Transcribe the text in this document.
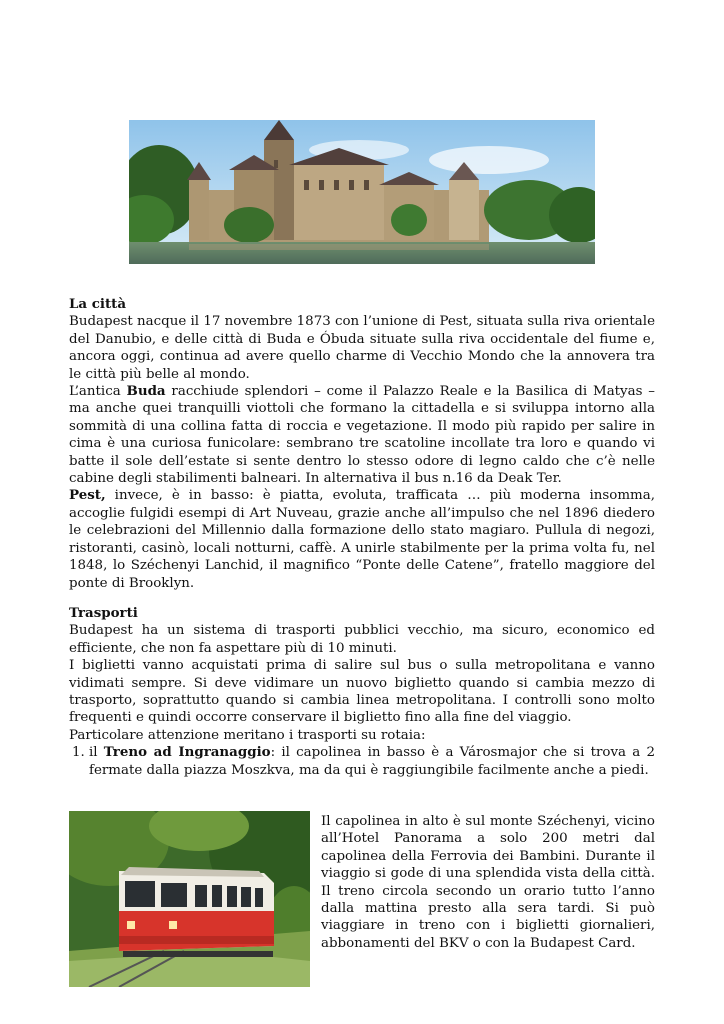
La città

Budapest nacque il 17 novembre 1873 con l’unione di Pest, situata sulla riva orientale del Danubio, e delle città di Buda e Óbuda situate sulla riva occidentale del fiume e, ancora oggi, continua ad avere quello charme di Vecchio Mondo che la annovera tra le città più belle al mondo.

L’antica Buda racchiude splendori – come il Palazzo Reale e la Basilica di Matyas – ma anche quei tranquilli viottoli che formano la cittadella e si sviluppa intorno alla sommità di una collina fatta di roccia e vegetazione. Il modo più rapido per salire in cima è una curiosa funicolare: sembrano tre scatoline incollate tra loro e quando vi batte il sole dell’estate si sente dentro lo stesso odore di legno caldo che c’è nelle cabine degli stabilimenti balneari. In alternativa il bus n.16 da Deak Ter.

Pest, invece, è in basso: è piatta, evoluta, trafficata … più moderna insomma, accoglie fulgidi esempi di Art Nuveau, grazie anche all’impulso che nel 1896 diedero le celebrazioni del Millennio dalla formazione dello stato magiaro. Pullula di negozi, ristoranti, casinò, locali notturni, caffè. A unirle stabilmente per la prima volta fu, nel 1848, lo Széchenyi Lanchid, il magnifico “Ponte delle Catene”, fratello maggiore del ponte di Brooklyn.

Trasporti

Budapest ha un sistema di trasporti pubblici vecchio, ma sicuro, economico ed efficiente, che non fa aspettare più di 10 minuti.

I biglietti vanno acquistati prima di salire sul bus o sulla metropolitana e vanno vidimati sempre. Si deve vidimare un nuovo biglietto quando si cambia mezzo di trasporto, soprattutto quando si cambia linea metropolitana. I controlli sono molto frequenti e quindi occorre conservare il biglietto fino alla fine del viaggio.

Particolare attenzione meritano i trasporti su rotaia:

1. il Treno ad Ingranaggio: il capolinea in basso è a Városmajor che si trova a 2 fermate dalla piazza Moszkva, ma da qui è raggiungibile facilmente anche a piedi.

Il capolinea in alto è sul monte Széchenyi, vicino all’Hotel Panorama a solo 200 metri dal capolinea della Ferrovia dei Bambini. Durante il viaggio si gode di una splendida vista della città. Il treno circola secondo un orario tutto l’anno dalla mattina presto alla sera tardi. Si può viaggiare in treno con i biglietti giornalieri, abbonamenti del BKV o con la Budapest Card.
